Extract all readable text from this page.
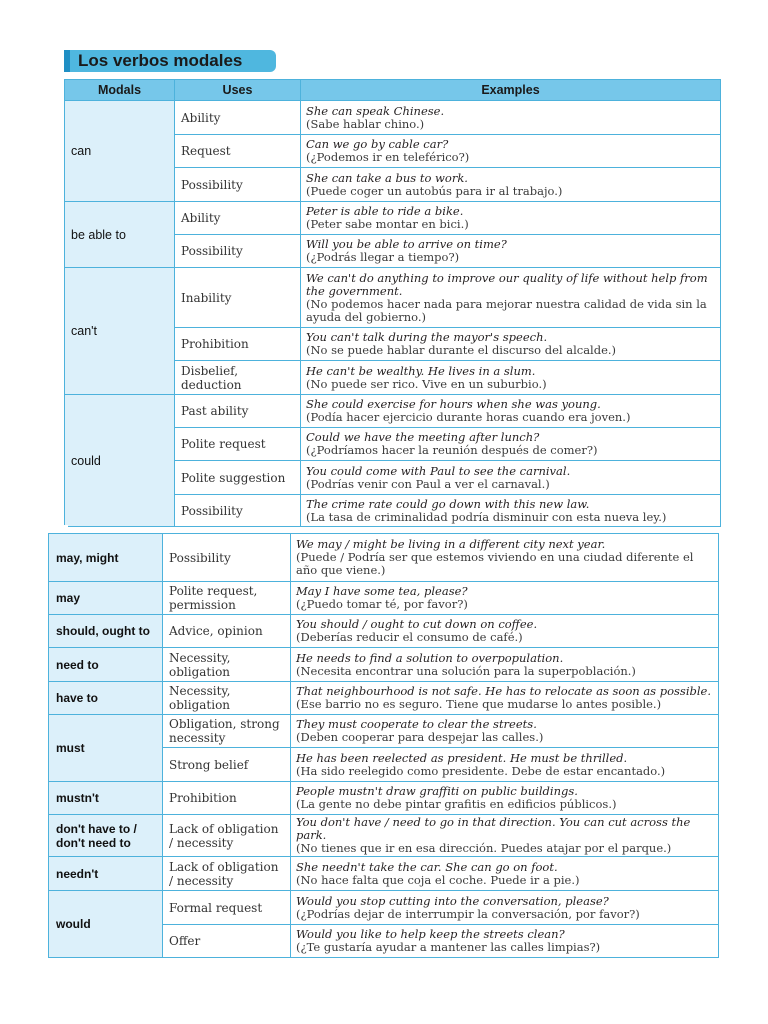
Los verbos modales
Modals	Uses	Examples
can	Ability	She can speak Chinese.
(Sabe hablar chino.)

	Request	Can we go by cable car?
(¿Podemos ir en teleférico?)

	Possibility	She can take a bus to work.
(Puede coger un autobús para ir al trabajo.)

be able to	Ability	Peter is able to ride a bike.
(Peter sabe montar en bici.)

	Possibility	Will you be able to arrive on time?
(¿Podrás llegar a tiempo?)

can't	Inability	We can't do anything to improve our quality of life without help from the government.
(No podemos hacer nada para mejorar nuestra calidad de vida sin la ayuda del gobierno.)

	Prohibition	You can't talk during the mayor's speech.
(No se puede hablar durante el discurso del alcalde.)

	Disbelief, deduction	He can't be wealthy. He lives in a slum.
(No puede ser rico. Vive en un suburbio.)

could	Past ability	She could exercise for hours when she was young.
(Podía hacer ejercicio durante horas cuando era joven.)

	Polite request	Could we have the meeting after lunch?
(¿Podríamos hacer la reunión después de comer?)

	Polite suggestion	You could come with Paul to see the carnival.
(Podrías venir con Paul a ver el carnaval.)

	Possibility	The crime rate could go down with this new law.
(La tasa de criminalidad podría disminuir con esta nueva ley.)
may, might	Possibility	We may / might be living in a different city next year.
(Puede / Podría ser que estemos viviendo en una ciudad diferente el año que viene.)

may	Polite request, permission	May I have some tea, please?
(¿Puedo tomar té, por favor?)

should, ought to	Advice, opinion	You should / ought to cut down on coffee.
(Deberías reducir el consumo de café.)

need to	Necessity, obligation	He needs to find a solution to overpopulation.
(Necesita encontrar una solución para la superpoblación.)

have to	Necessity, obligation	That neighbourhood is not safe. He has to relocate as soon as possible.
(Ese barrio no es seguro. Tiene que mudarse lo antes posible.)

must	Obligation, strong necessity	They must cooperate to clear the streets.
(Deben cooperar para despejar las calles.)

	Strong belief	He has been reelected as president. He must be thrilled.
(Ha sido reelegido como presidente. Debe de estar encantado.)

mustn't	Prohibition	People mustn't draw graffiti on public buildings.
(La gente no debe pintar grafitis en edificios públicos.)

don't have to / don't need to	Lack of obligation / necessity	You don't have / need to go in that direction. You can cut across the park.
(No tienes que ir en esa dirección. Puedes atajar por el parque.)

needn't	Lack of obligation / necessity	She needn't take the car. She can go on foot.
(No hace falta que coja el coche. Puede ir a pie.)

would	Formal request	Would you stop cutting into the conversation, please?
(¿Podrías dejar de interrumpir la conversación, por favor?)

	Offer	Would you like to help keep the streets clean?
(¿Te gustaría ayudar a mantener las calles limpias?)
